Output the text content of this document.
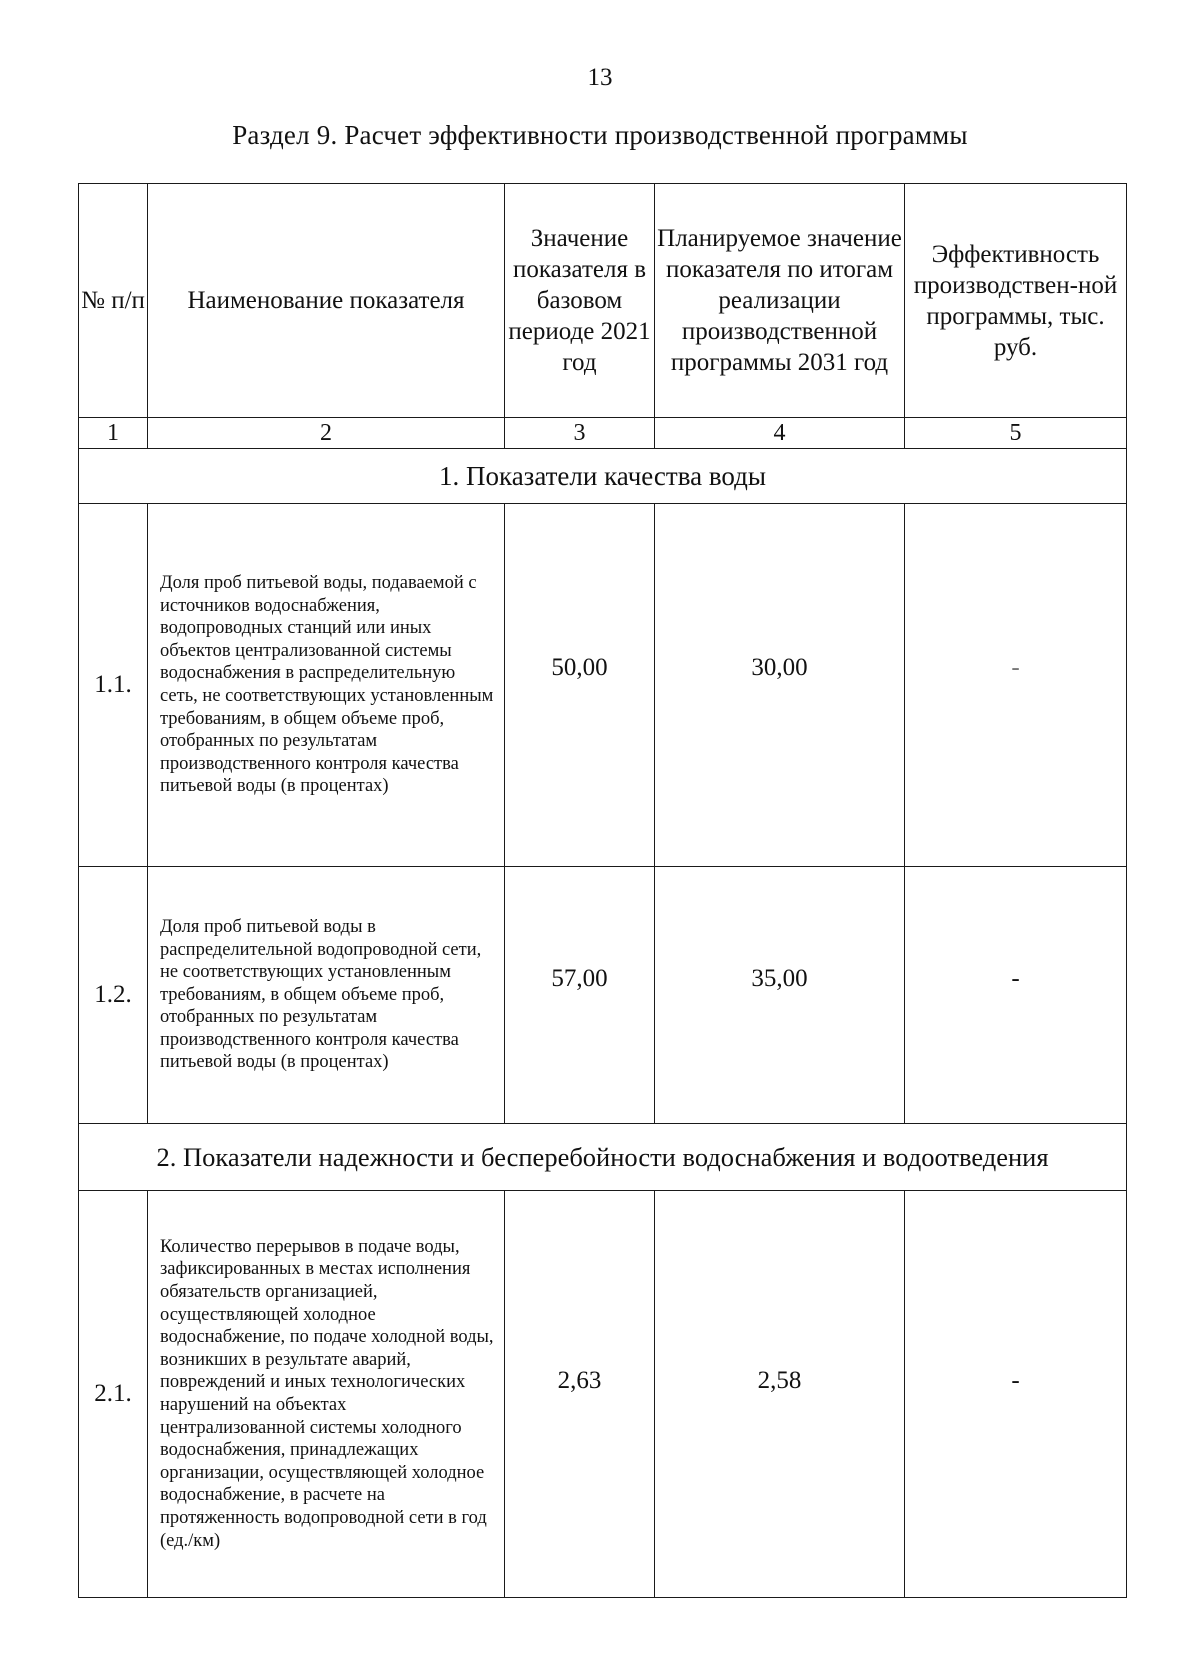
13
Раздел 9. Расчет эффективности производственной программы
№ п/п	Наименование показателя	Значение показателя в базовом периоде 2021 год	Планируемое значение показателя по итогам реализации производственной программы 2031 год	Эффективность производствен-ной программы, тыс. руб.
1	2	3	4	5
1. Показатели качества воды				
1.1.	Доля проб питьевой воды, подаваемой с источников водоснабжения, водопроводных станций или иных объектов централизованной системы водоснабжения в распределительную сеть, не соответствующих установленным требованиям, в общем объеме проб, отобранных по результатам производственного контроля качества питьевой воды (в процентах)	50,00	30,00	-

1.2.	Доля проб питьевой воды в распределительной водопроводной сети, не соответствующих установленным требованиям, в общем объеме проб, отобранных по результатам производственного контроля качества питьевой воды (в процентах)	57,00	35,00	-

2. Показатели надежности и бесперебойности водоснабжения и водоотведения				
2.1.	Количество перерывов в подаче воды, зафиксированных в местах исполнения обязательств организацией, осуществляющей холодное водоснабжение, по подаче холодной воды, возникших в результате аварий, повреждений и иных технологических нарушений на объектах централизованной системы холодного водоснабжения, принадлежащих организации, осуществляющей холодное водоснабжение, в расчете на протяженность водопроводной сети в год (ед./км)	2,63	2,58	-
